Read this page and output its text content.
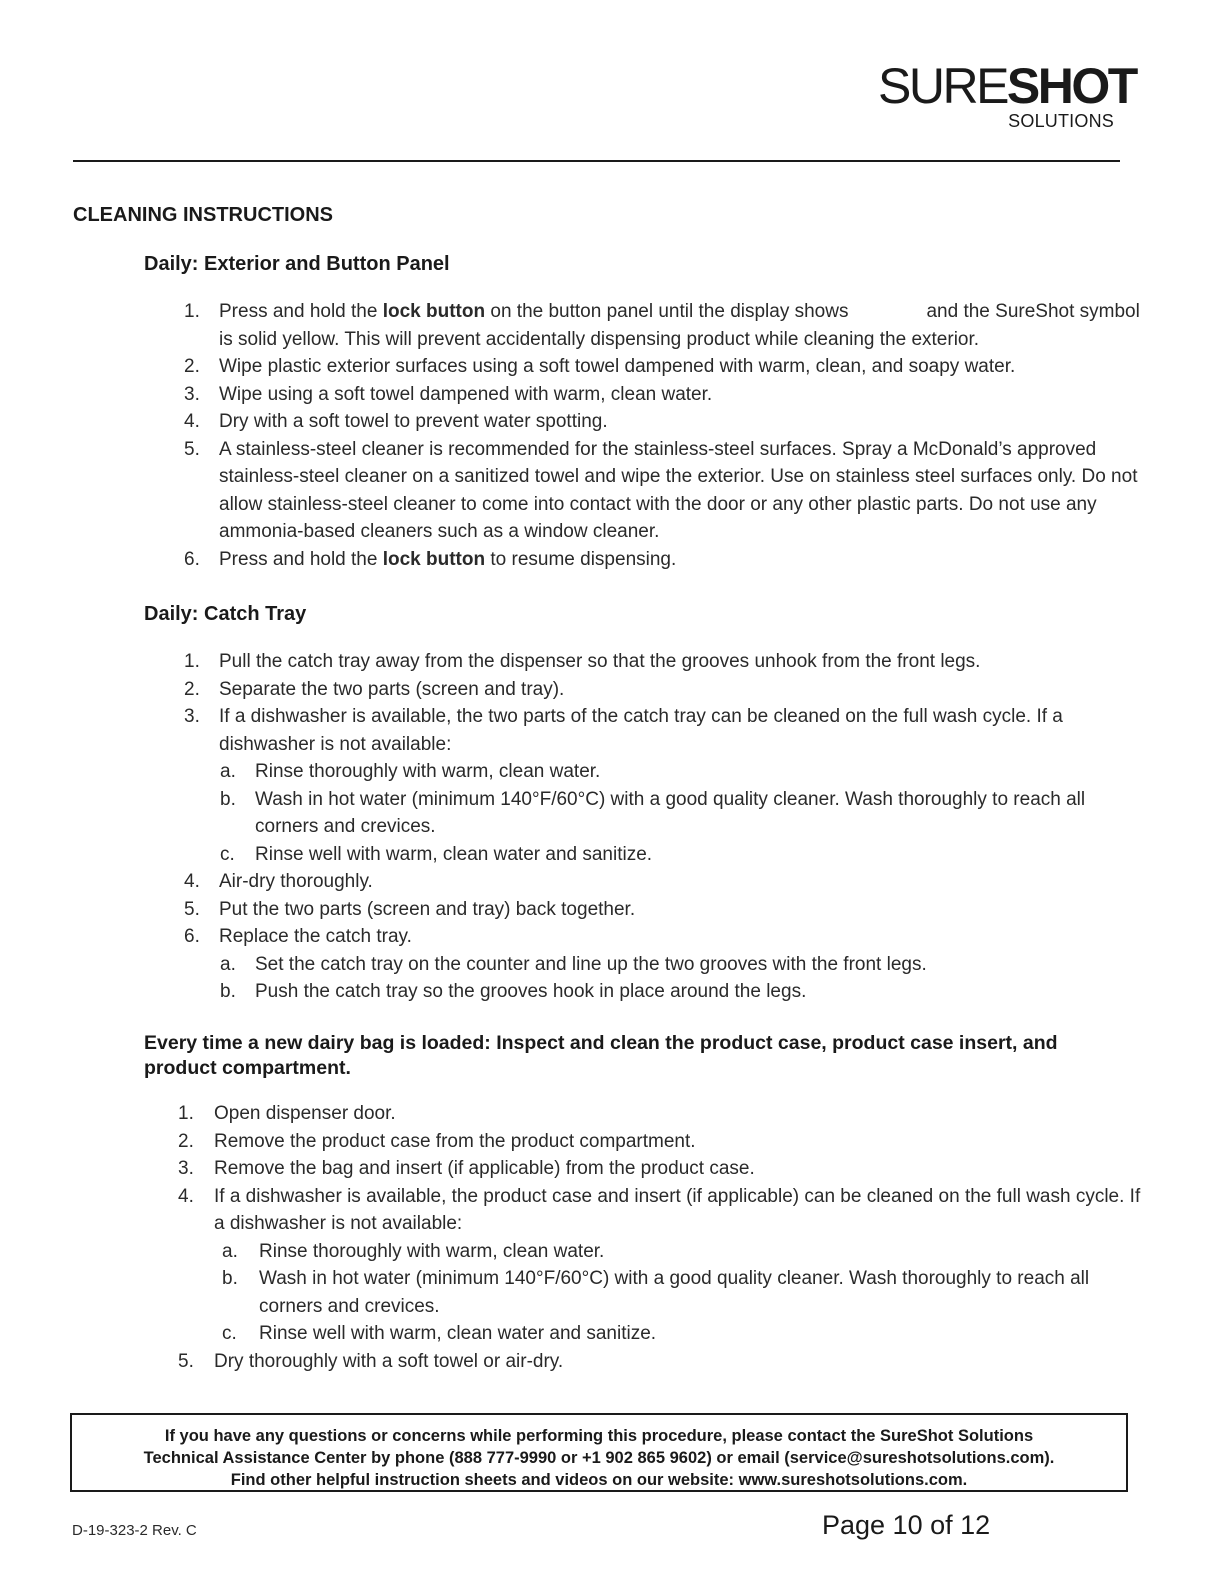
SURESHOT
SOLUTIONS
CLEANING INSTRUCTIONS
Daily: Exterior and Button Panel
1.	Press and hold the lock button on the button panel until the display shows	and the SureShot symbol is solid yellow. This will prevent accidentally dispensing product while cleaning the exterior.
2.	Wipe plastic exterior surfaces using a soft towel dampened with warm, clean, and soapy water.
3.	Wipe using a soft towel dampened with warm, clean water.
4.	Dry with a soft towel to prevent water spotting.
5.	A stainless-steel cleaner is recommended for the stainless-steel surfaces. Spray a McDonald’s approved stainless-steel cleaner on a sanitized towel and wipe the exterior. Use on stainless steel surfaces only. Do not allow stainless-steel cleaner to come into contact with the door or any other plastic parts. Do not use any ammonia-based cleaners such as a window cleaner.
6.	Press and hold the lock button to resume dispensing.
Daily: Catch Tray
1.	Pull the catch tray away from the dispenser so that the grooves unhook from the front legs.
2.	Separate the two parts (screen and tray).
3.	If a dishwasher is available, the two parts of the catch tray can be cleaned on the full wash cycle. If a dishwasher is not available:
a.	Rinse thoroughly with warm, clean water.
b.	Wash in hot water (minimum 140°F/60°C) with a good quality cleaner. Wash thoroughly to reach all corners and crevices.
c.	Rinse well with warm, clean water and sanitize.
4.	Air-dry thoroughly.
5.	Put the two parts (screen and tray) back together.
6.	Replace the catch tray.
a.	Set the catch tray on the counter and line up the two grooves with the front legs.
b.	Push the catch tray so the grooves hook in place around the legs.
Every time a new dairy bag is loaded: Inspect and clean the product case, product case insert, and product compartment.
1.	Open dispenser door.
2.	Remove the product case from the product compartment.
3.	Remove the bag and insert (if applicable) from the product case.
4.	If a dishwasher is available, the product case and insert (if applicable) can be cleaned on the full wash cycle. If a dishwasher is not available:
a.	Rinse thoroughly with warm, clean water.
b.	Wash in hot water (minimum 140°F/60°C) with a good quality cleaner. Wash thoroughly to reach all corners and crevices.
c.	Rinse well with warm, clean water and sanitize.
5.	Dry thoroughly with a soft towel or air-dry.
If you have any questions or concerns while performing this procedure, please contact the SureShot Solutions
Technical Assistance Center by phone (888 777-9990 or +1 902 865 9602) or email (service@sureshotsolutions.com).
Find other helpful instruction sheets and videos on our website: www.sureshotsolutions.com.
D-19-323-2 Rev. C	Page 10 of 12
